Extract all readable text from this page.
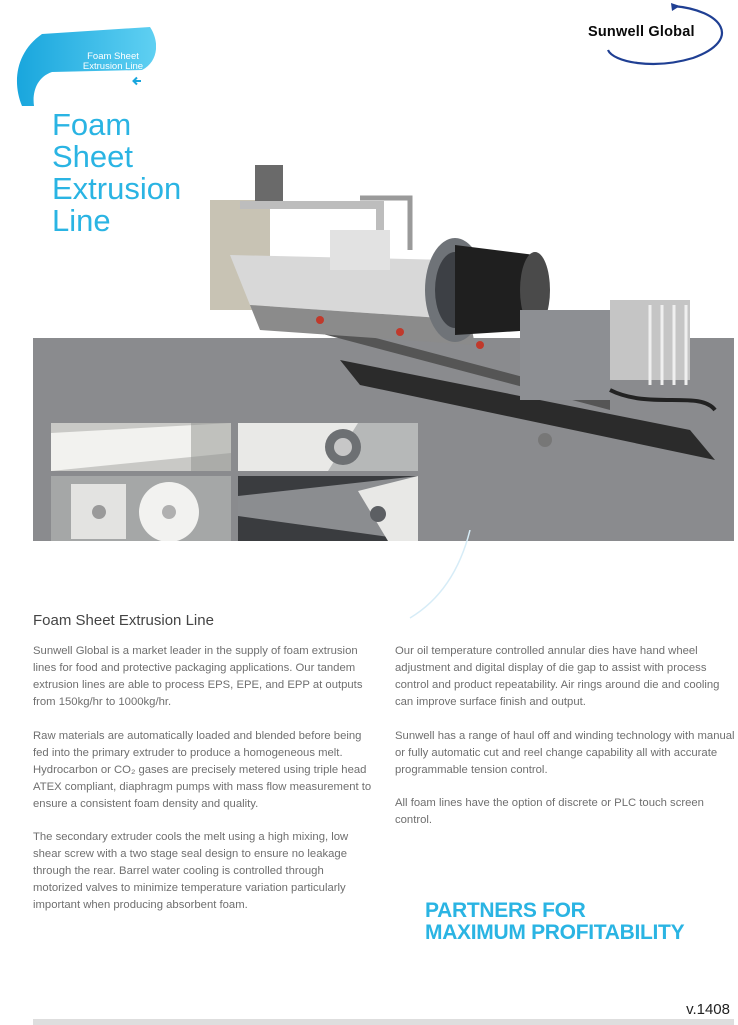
Foam Sheet Extrusion Line
Sunwell Global
Foam
Sheet
Extrusion
Line
Foam Sheet Extrusion Line

Sunwell Global is a market leader in the supply of foam extrusion lines for food and protective packaging applications. Our tandem extrusion lines are able to process EPS, EPE, and EPP at outputs from 150kg/hr to 1000kg/hr.

Raw materials are automatically loaded and blended before being fed into the primary extruder to produce a homogeneous melt. Hydrocarbon or CO₂ gases are precisely metered using triple head ATEX compliant, diaphragm pumps with mass flow measurement to ensure a consistent foam density and quality.

The secondary extruder cools the melt using a high mixing, low shear screw with a two stage seal design to ensure no leakage through the rear. Barrel water cooling is controlled through motorized valves to minimize temperature variation particularly important when producing absorbent foam.

Our oil temperature controlled annular dies have hand wheel adjustment and digital display of die gap to assist with process control and product repeatability. Air rings around die and cooling can improve surface finish and output.

Sunwell has a range of haul off and winding technology with manual or fully automatic cut and reel change capability all with accurate programmable tension control.

All foam lines have the option of discrete or PLC touch screen control.

PARTNERS FOR
MAXIMUM PROFITABILITY
v.1408
